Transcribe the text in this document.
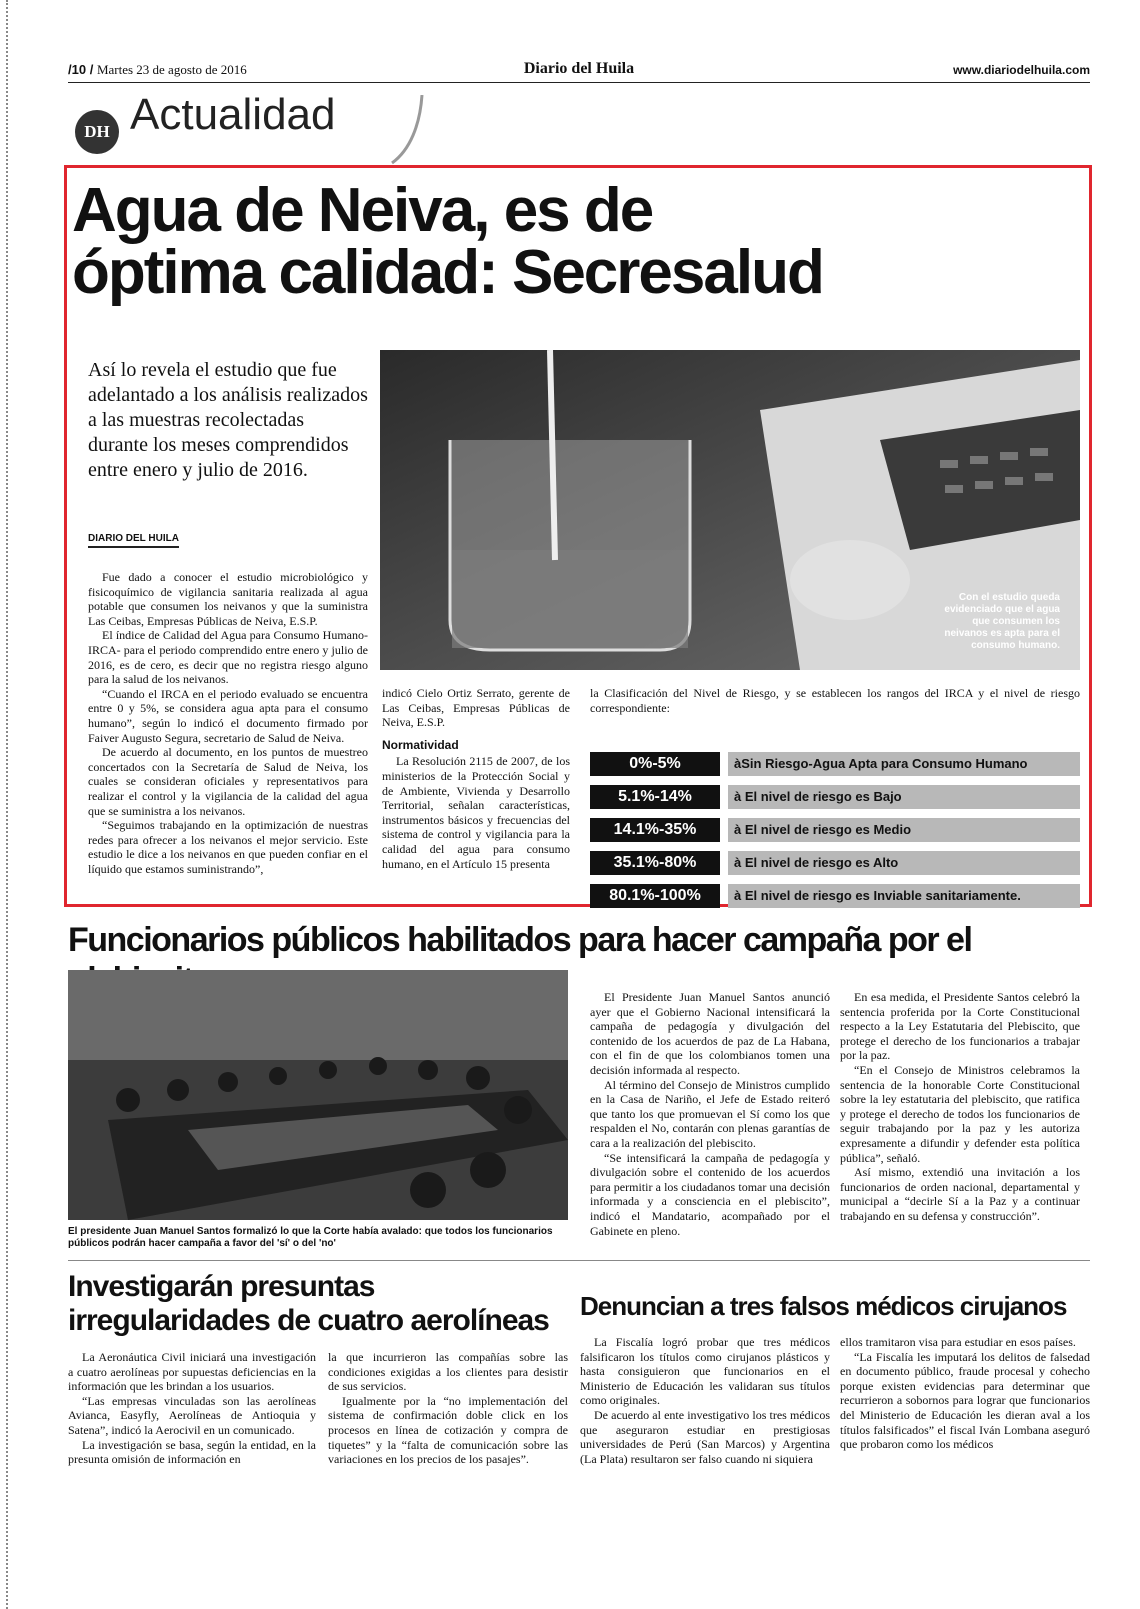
/10 / Martes 23 de agosto de 2016	Diario del Huila	www.diariodelhuila.com
DH Actualidad
Agua de Neiva, es de
óptima calidad: Secresalud
Así lo revela el estudio que fue adelantado a los análisis realizados a las muestras recolectadas durante los meses comprendidos entre enero y julio de 2016.
DIARIO DEL HUILA
Con el estudio queda evidenciado que el agua que consumen los neivanos es apta para el consumo humano.

Fue dado a conocer el estudio microbiológico y fisicoquímico de vigilancia sanitaria realizada al agua potable que consumen los neivanos y que la suministra Las Ceibas, Empresas Públicas de Neiva, E.S.P.

El índice de Calidad del Agua para Consumo Humano- IRCA- para el periodo comprendido entre enero y julio de 2016, es de cero, es decir que no registra riesgo alguno para la salud de los neivanos.

“Cuando el IRCA en el periodo evaluado se encuentra entre 0 y 5%, se considera agua apta para el consumo humano”, según lo indicó el documento firmado por Faiver Augusto Segura, secretario de Salud de Neiva.

De acuerdo al documento, en los puntos de muestreo concertados con la Secretaría de Salud de Neiva, los cuales se consideran oficiales y representativos para realizar el control y la vigilancia de la calidad del agua que se suministra a los neivanos.

“Seguimos trabajando en la optimización de nuestras redes para ofrecer a los neivanos el mejor servicio. Este estudio le dice a los neivanos en que pueden confiar en el líquido que estamos suministrando”,

indicó Cielo Ortiz Serrato, gerente de Las Ceibas, Empresas Públicas de Neiva, E.S.P.

Normatividad

La Resolución 2115 de 2007, de los ministerios de la Protección Social y de Ambiente, Vivienda y Desarrollo Territorial, señalan características, instrumentos básicos y frecuencias del sistema de control y vigilancia para la calidad del agua para consumo humano, en el Artículo 15 presenta

la Clasificación del Nivel de Riesgo, y se establecen los rangos del IRCA y el nivel de riesgo correspondiente:

0%-5%	àSin Riesgo-Agua Apta para Consumo Humano
5.1%-14%	à El nivel de riesgo es Bajo
14.1%-35%	à El nivel de riesgo es Medio
35.1%-80%	à El nivel de riesgo es Alto
80.1%-100%	à El nivel de riesgo es Inviable sanitariamente.
Funcionarios públicos habilitados para hacer campaña por el
El presidente Juan Manuel Santos formalizó lo que la Corte había avalado: que todos los funcionarios públicos podrán hacer campaña a favor del 'sí' o del 'no'

El Presidente Juan Manuel Santos anunció ayer que el Gobierno Nacional intensificará la campaña de pedagogía y divulgación del contenido de los acuerdos de paz de La Habana, con el fin de que los colombianos tomen una decisión informada al respecto.

Al término del Consejo de Ministros cumplido en la Casa de Nariño, el Jefe de Estado reiteró que tanto los que promuevan el Sí como los que respalden el No, contarán con plenas garantías de cara a la realización del plebiscito.

“Se intensificará la campaña de pedagogía y divulgación sobre el contenido de los acuerdos para permitir a los ciudadanos tomar una decisión informada y a consciencia en el plebiscito”, indicó el Mandatario, acompañado por el Gabinete en pleno.

En esa medida, el Presidente Santos celebró la sentencia proferida por la Corte Constitucional respecto a la Ley Estatutaria del Plebiscito, que protege el derecho de los funcionarios a trabajar por la paz.

“En el Consejo de Ministros celebramos la sentencia de la honorable Corte Constitucional sobre la ley estatutaria del plebiscito, que ratifica y protege el derecho de todos los funcionarios de seguir trabajando por la paz y les autoriza expresamente a difundir y defender esta política pública”, señaló.

Así mismo, extendió una invitación a los funcionarios de orden nacional, departamental y municipal a “decirle Sí a la Paz y a continuar trabajando en su defensa y construcción”.

Investigarán presuntas
irregularidades de cuatro aerolíneas

La Aeronáutica Civil iniciará una investigación a cuatro aerolíneas por supuestas deficiencias en la información que les brindan a los usuarios.

“Las empresas vinculadas son las aerolíneas Avianca, Easyfly, Aerolíneas de Antioquia y Satena”, indicó la Aerocivil en un comunicado.

La investigación se basa, según la entidad, en la presunta omisión de información en

la que incurrieron las compañías sobre las condiciones exigidas a los clientes para desistir de sus servicios.

Igualmente por la “no implementación del sistema de confirmación doble click en los procesos en línea de cotización y compra de tiquetes” y la “falta de comunicación sobre las variaciones en los precios de los pasajes”.

Denuncian a tres falsos médicos cirujanos

La Fiscalía logró probar que tres médicos falsificaron los títulos como cirujanos plásticos y hasta consiguieron que funcionarios en el Ministerio de Educación les validaran sus títulos como originales.

De acuerdo al ente investigativo los tres médicos que aseguraron estudiar en prestigiosas universidades de Perú (San Marcos) y Argentina (La Plata) resultaron ser falso cuando ni siquiera

ellos tramitaron visa para estudiar en esos países.

“La Fiscalía les imputará los delitos de falsedad en documento público, fraude procesal y cohecho porque existen evidencias para determinar que recurrieron a sobornos para lograr que funcionarios del Ministerio de Educación les dieran aval a los títulos falsificados” el fiscal Iván Lombana aseguró que probaron como los médicos
